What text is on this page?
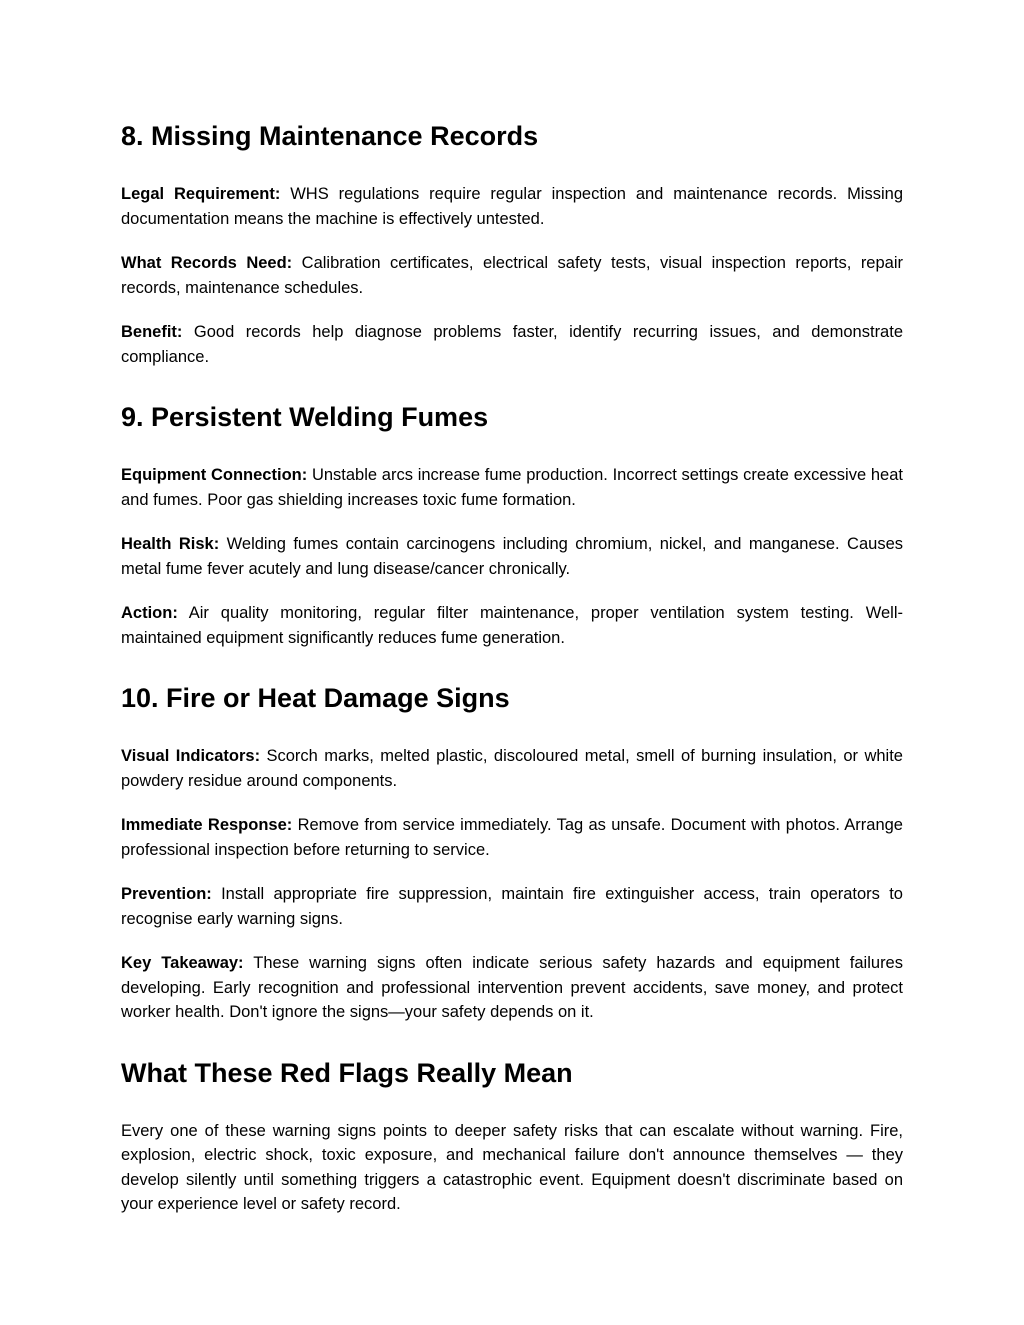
8. Missing Maintenance Records

Legal Requirement: WHS regulations require regular inspection and maintenance records. Missing documentation means the machine is effectively untested.

What Records Need: Calibration certificates, electrical safety tests, visual inspection reports, repair records, maintenance schedules.

Benefit: Good records help diagnose problems faster, identify recurring issues, and demonstrate compliance.

9. Persistent Welding Fumes

Equipment Connection: Unstable arcs increase fume production. Incorrect settings create excessive heat and fumes. Poor gas shielding increases toxic fume formation.

Health Risk: Welding fumes contain carcinogens including chromium, nickel, and manganese. Causes metal fume fever acutely and lung disease/cancer chronically.

Action: Air quality monitoring, regular filter maintenance, proper ventilation system testing. Well-maintained equipment significantly reduces fume generation.

10. Fire or Heat Damage Signs

Visual Indicators: Scorch marks, melted plastic, discoloured metal, smell of burning insulation, or white powdery residue around components.

Immediate Response: Remove from service immediately. Tag as unsafe. Document with photos. Arrange professional inspection before returning to service.

Prevention: Install appropriate fire suppression, maintain fire extinguisher access, train operators to recognise early warning signs.

Key Takeaway: These warning signs often indicate serious safety hazards and equipment failures developing. Early recognition and professional intervention prevent accidents, save money, and protect worker health. Don't ignore the signs—your safety depends on it.

What These Red Flags Really Mean

Every one of these warning signs points to deeper safety risks that can escalate without warning. Fire, explosion, electric shock, toxic exposure, and mechanical failure don't announce themselves — they develop silently until something triggers a catastrophic event. Equipment doesn't discriminate based on your experience level or safety record.
